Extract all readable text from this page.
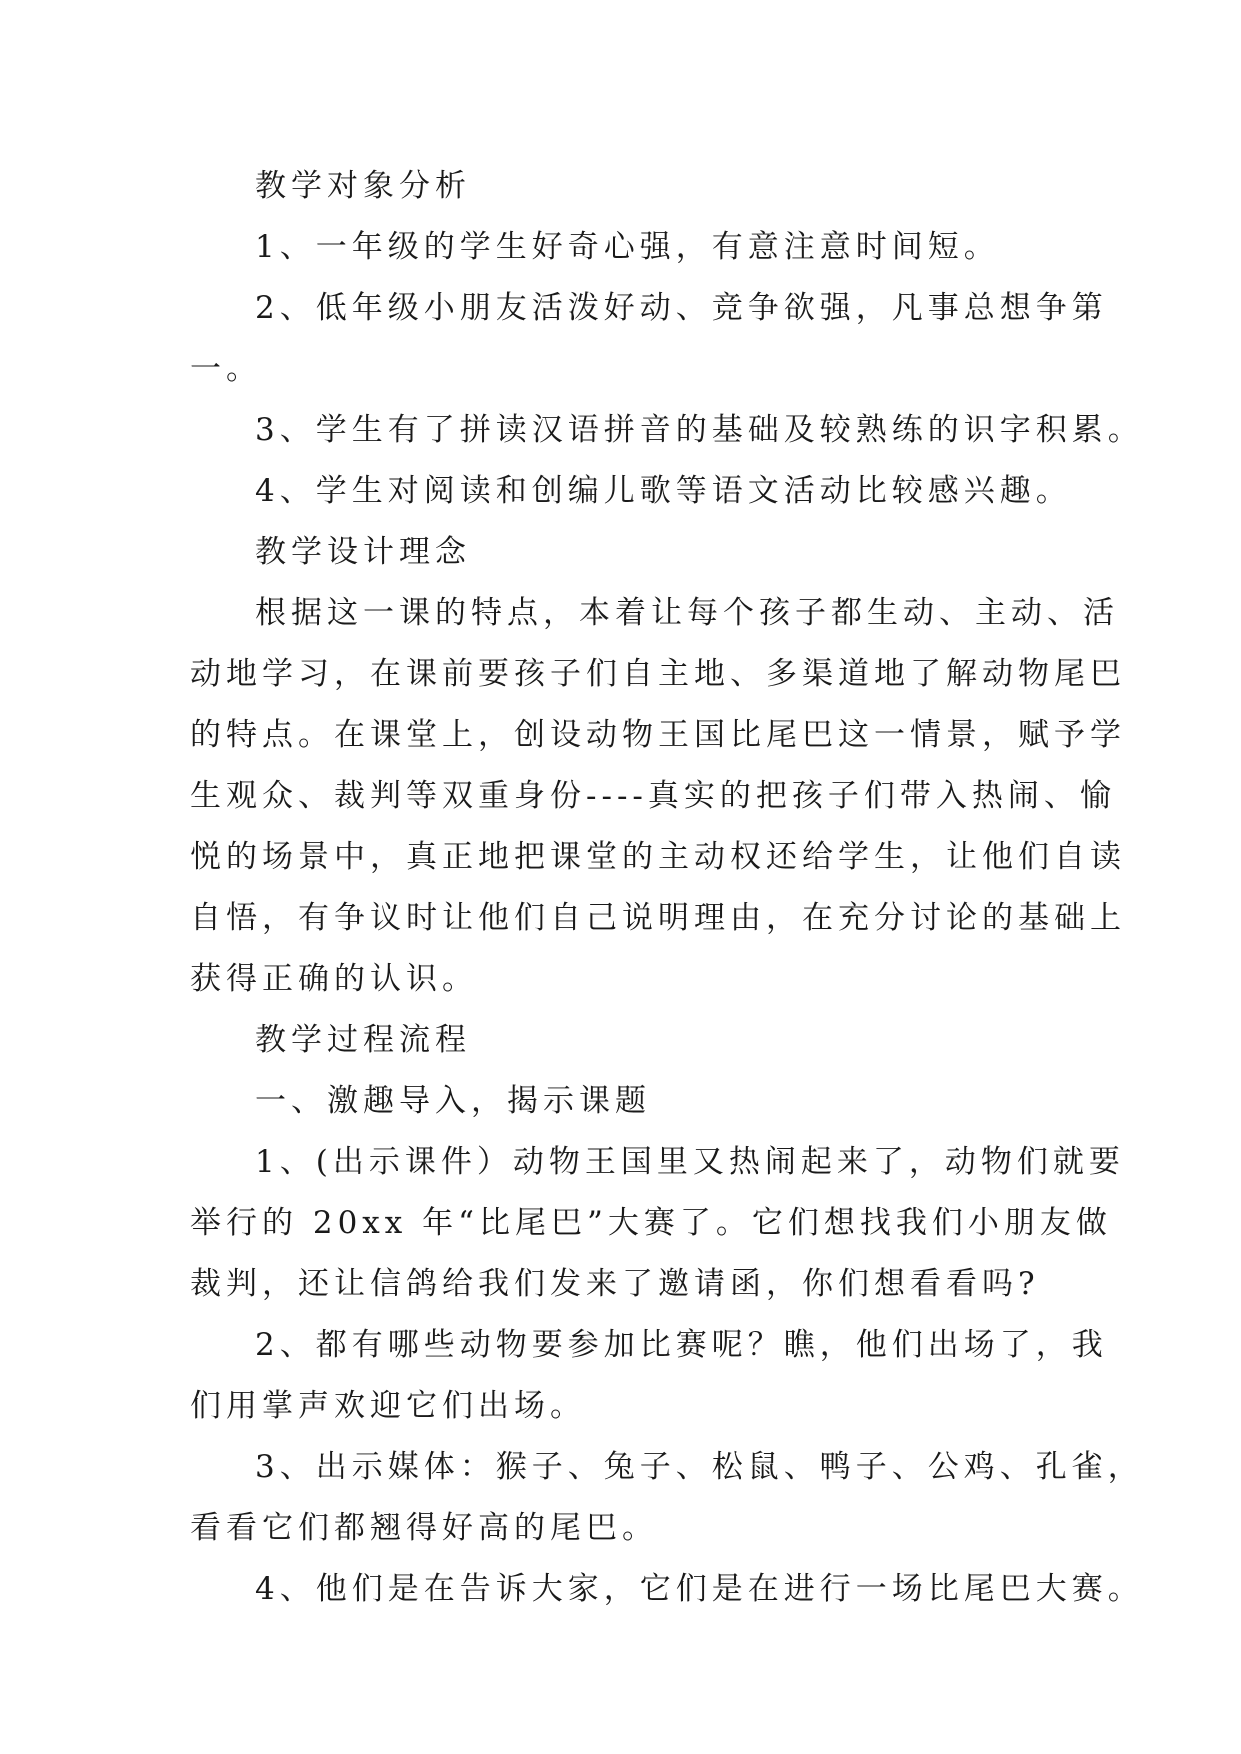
教学对象分析
1、一年级的学生好奇心强，有意注意时间短。
2、低年级小朋友活泼好动、竞争欲强，凡事总想争第
一。
3、学生有了拼读汉语拼音的基础及较熟练的识字积累。
4、学生对阅读和创编儿歌等语文活动比较感兴趣。
教学设计理念
根据这一课的特点，本着让每个孩子都生动、主动、活
动地学习，在课前要孩子们自主地、多渠道地了解动物尾巴
的特点。在课堂上，创设动物王国比尾巴这一情景，赋予学
生观众、裁判等双重身份----真实的把孩子们带入热闹、愉
悦的场景中，真正地把课堂的主动权还给学生，让他们自读
自悟，有争议时让他们自己说明理由，在充分讨论的基础上
获得正确的认识。
教学过程流程
一、激趣导入，揭示课题
1、(出示课件）动物王国里又热闹起来了，动物们就要
举行的 20xx 年“比尾巴”大赛了。它们想找我们小朋友做
裁判，还让信鸽给我们发来了邀请函，你们想看看吗?
2、都有哪些动物要参加比赛呢？瞧，他们出场了，我
们用掌声欢迎它们出场。
3、出示媒体：猴子、兔子、松鼠、鸭子、公鸡、孔雀，
看看它们都翘得好高的尾巴。
4、他们是在告诉大家，它们是在进行一场比尾巴大赛。
